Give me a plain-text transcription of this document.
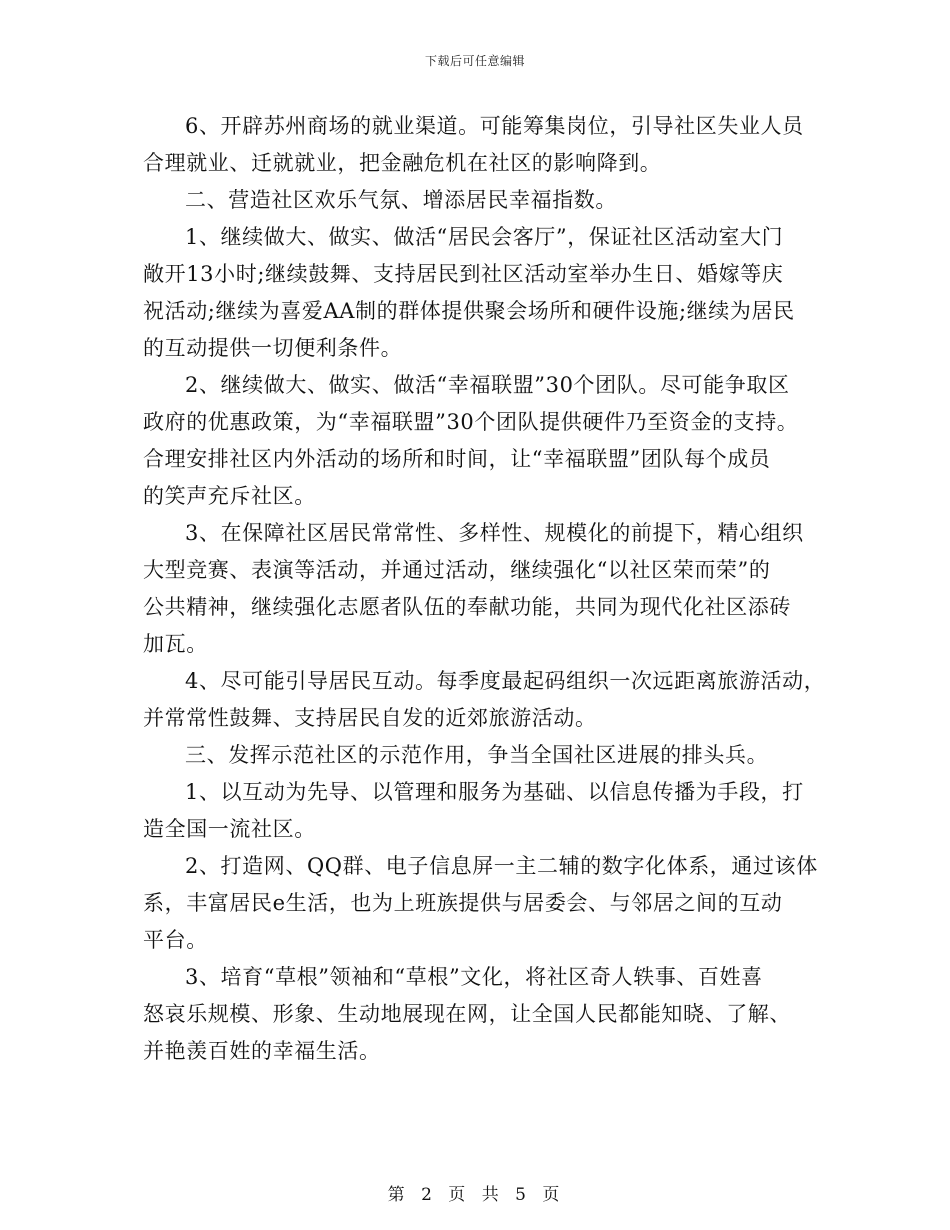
下载后可任意编辑
6、开辟苏州商场的就业渠道。可能筹集岗位，引导社区失业人员
合理就业、迁就就业，把金融危机在社区的影响降到。
二、营造社区欢乐气氛、增添居民幸福指数。
1、继续做大、做实、做活“居民会客厅”，保证社区活动室大门
敞开13小时;继续鼓舞、支持居民到社区活动室举办生日、婚嫁等庆
祝活动;继续为喜爱AA制的群体提供聚会场所和硬件设施;继续为居民
的互动提供一切便利条件。
2、继续做大、做实、做活“幸福联盟”30个团队。尽可能争取区
政府的优惠政策，为“幸福联盟”30个团队提供硬件乃至资金的支持。
合理安排社区内外活动的场所和时间，让“幸福联盟”团队每个成员
的笑声充斥社区。
3、在保障社区居民常常性、多样性、规模化的前提下，精心组织
大型竞赛、表演等活动，并通过活动，继续强化“以社区荣而荣”的
公共精神，继续强化志愿者队伍的奉献功能，共同为现代化社区添砖
加瓦。
4、尽可能引导居民互动。每季度最起码组织一次远距离旅游活动，
并常常性鼓舞、支持居民自发的近郊旅游活动。
三、发挥示范社区的示范作用，争当全国社区进展的排头兵。
1、以互动为先导、以管理和服务为基础、以信息传播为手段，打
造全国一流社区。
2、打造网、QQ群、电子信息屏一主二辅的数字化体系，通过该体
系，丰富居民e生活，也为上班族提供与居委会、与邻居之间的互动
平台。
3、培育“草根”领袖和“草根”文化，将社区奇人轶事、百姓喜
怒哀乐规模、形象、生动地展现在网，让全国人民都能知晓、了解、
并艳羡百姓的幸福生活。
第 2 页 共 5 页
